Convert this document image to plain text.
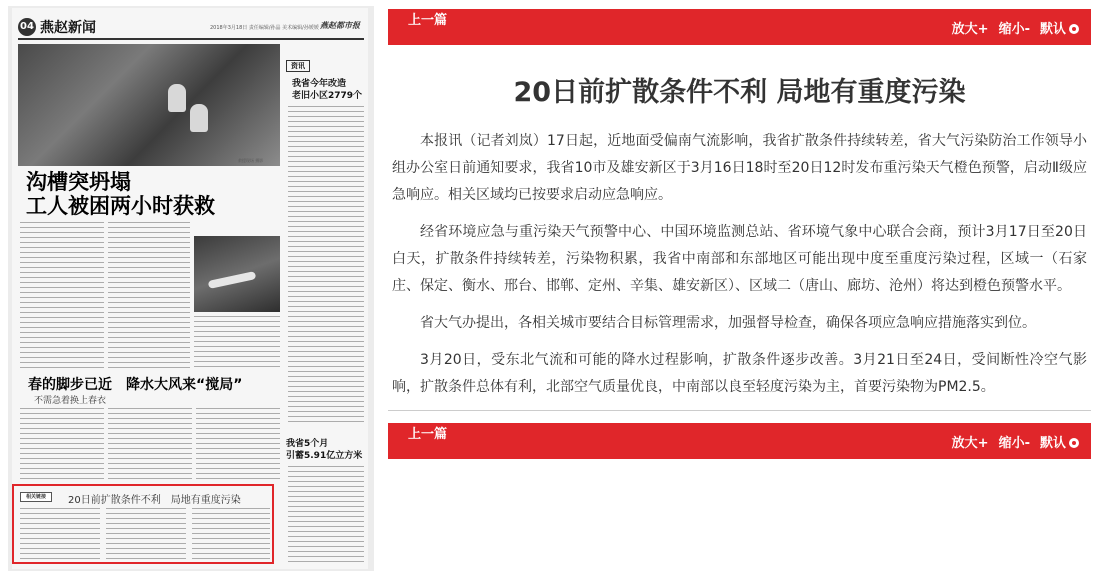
04 燕赵新闻	2018年3月18日 责任编辑/孙晶 美术编辑/孙媛媛 燕赵都市报
救援现场 摄影
沟槽突坍塌
工人被困两小时获救
资讯
我省今年改造
老旧小区2779个
春的脚步已近　降水大风来“搅局”
不需急着换上春衣
我省5个月
引蓄5.91亿立方米
相关链接	20日前扩散条件不利　局地有重度污染
上一篇
放大+ 缩小- 默认
20日前扩散条件不利 局地有重度污染

本报讯（记者刘岚）17日起，近地面受偏南气流影响，我省扩散条件持续转差，省大气污染防治工作领导小组办公室日前通知要求，我省10市及雄安新区于3月16日18时至20日12时发布重污染天气橙色预警，启动Ⅱ级应急响应。相关区域均已按要求启动应急响应。

经省环境应急与重污染天气预警中心、中国环境监测总站、省环境气象中心联合会商，预计3月17日至20日白天，扩散条件持续转差，污染物积累，我省中南部和东部地区可能出现中度至重度污染过程，区域一（石家庄、保定、衡水、邢台、邯郸、定州、辛集、雄安新区）、区域二（唐山、廊坊、沧州）将达到橙色预警水平。

省大气办提出，各相关城市要结合目标管理需求，加强督导检查，确保各项应急响应措施落实到位。

3月20日，受东北气流和可能的降水过程影响，扩散条件逐步改善。3月21日至24日，受间断性冷空气影响，扩散条件总体有利，北部空气质量优良，中南部以良至轻度污染为主，首要污染物为PM2.5。

上一篇
放大+ 缩小- 默认
